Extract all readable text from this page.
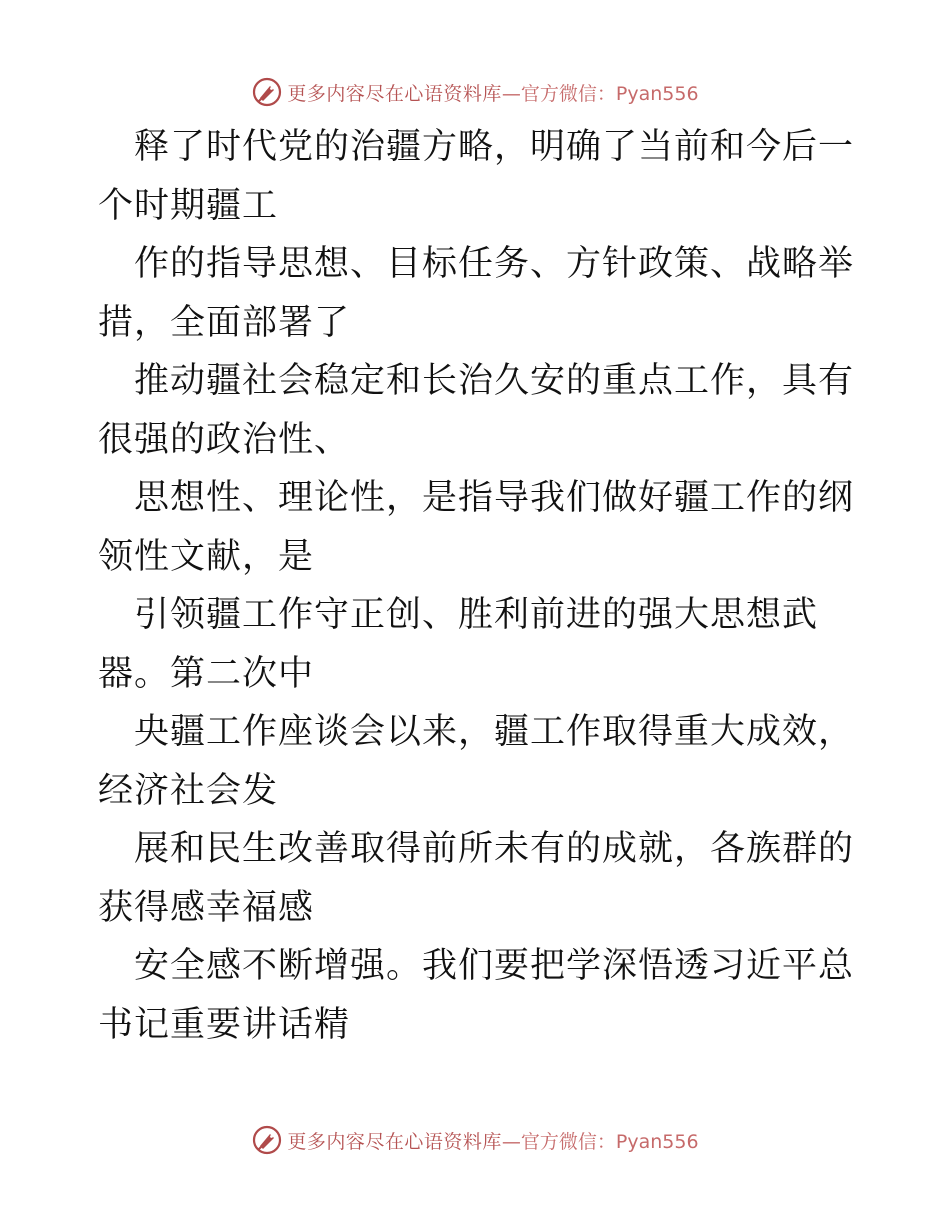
更多内容尽在心语资料库 —官方微信：Pyan556

释了时代党的治疆方略，明确了当前和今后一个时期疆工

作的指导思想、目标任务、方针政策、战略举措，全面部署了

推动疆社会稳定和长治久安的重点工作，具有很强的政治性、

思想性、理论性，是指导我们做好疆工作的纲领性文献，是

引领疆工作守正创、胜利前进的强大思想武器。第二次中

央疆工作座谈会以来，疆工作取得重大成效，经济社会发

展和民生改善取得前所未有的成就，各族群的获得感幸福感

安全感不断增强。我们要把学深悟透习近平总书记重要讲话精

更多内容尽在心语资料库 —官方微信：Pyan556
